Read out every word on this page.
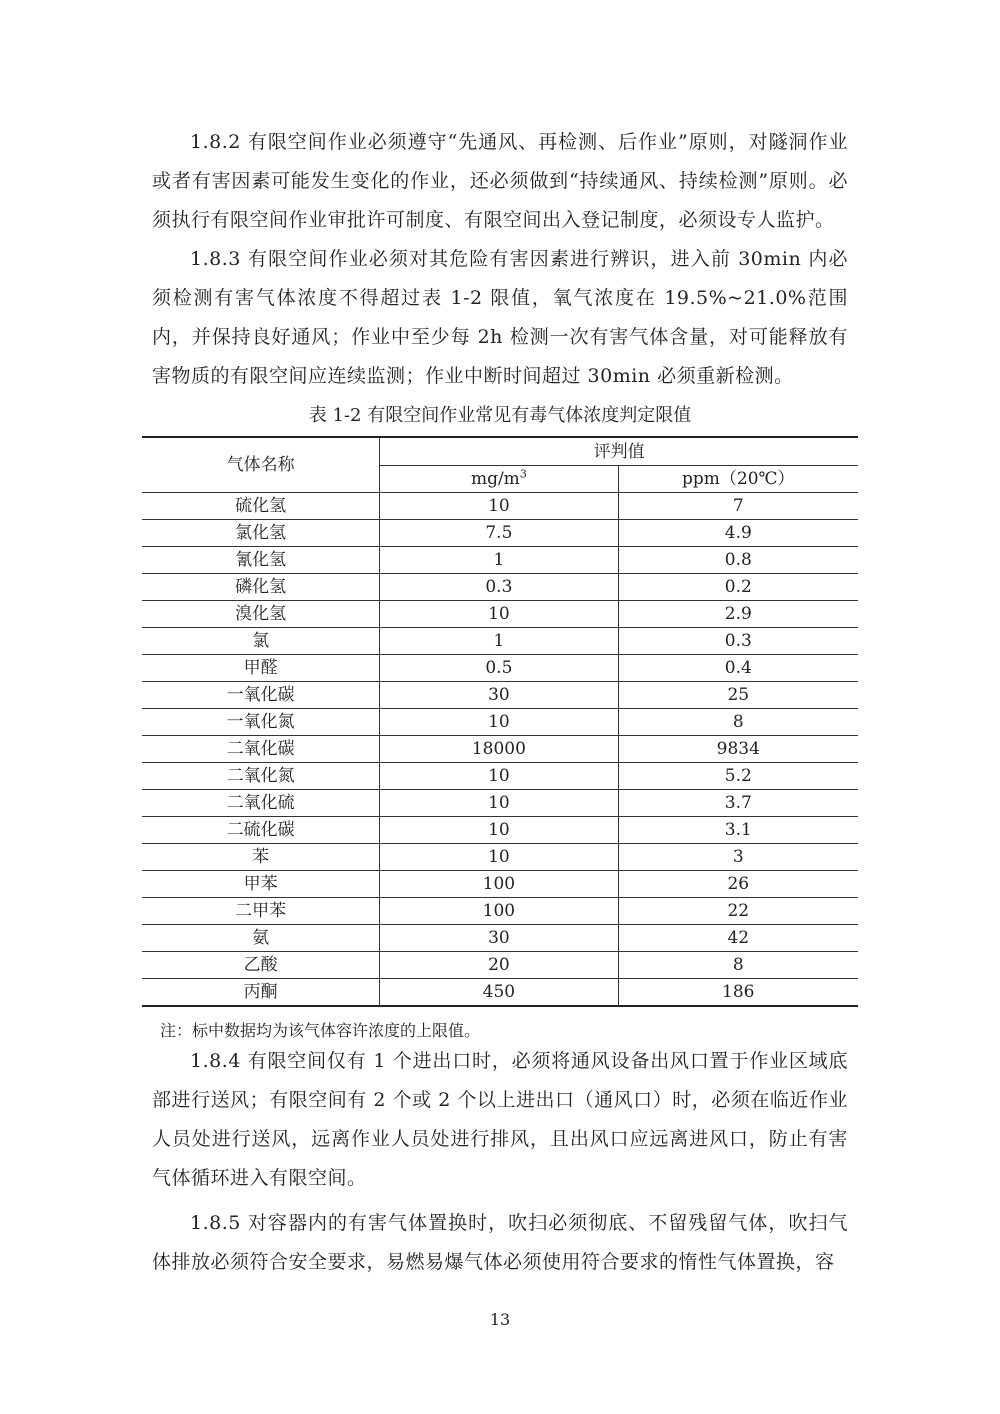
1.8.2 有限空间作业必须遵守“先通风、再检测、后作业”原则，对隧洞作业或者有害因素可能发生变化的作业，还必须做到“持续通风、持续检测”原则。必须执行有限空间作业审批许可制度、有限空间出入登记制度，必须设专人监护。

1.8.3 有限空间作业必须对其危险有害因素进行辨识，进入前 30min 内必须检测有害气体浓度不得超过表 1-2 限值，氧气浓度在 19.5%~21.0%范围内，并保持良好通风；作业中至少每 2h 检测一次有害气体含量，对可能释放有害物质的有限空间应连续监测；作业中断时间超过 30min 必须重新检测。

表 1-2 有限空间作业常见有毒气体浓度判定限值

气体名称	评判值	
	$mg/m^3$	ppm（20℃）
硫化氢	10	7
氯化氢	7.5	4.9
氰化氢	1	0.8
磷化氢	0.3	0.2
溴化氢	10	2.9
氯	1	0.3
甲醛	0.5	0.4
一氧化碳	30	25
一氧化氮	10	8
二氧化碳	18000	9834
二氧化氮	10	5.2
二氧化硫	10	3.7
二硫化碳	10	3.1
苯	10	3
甲苯	100	26
二甲苯	100	22
氨	30	42
乙酸	20	8
丙酮	450	186

注：标中数据均为该气体容许浓度的上限值。

1.8.4 有限空间仅有 1 个进出口时，必须将通风设备出风口置于作业区域底部进行送风；有限空间有 2 个或 2 个以上进出口（通风口）时，必须在临近作业人员处进行送风，远离作业人员处进行排风，且出风口应远离进风口，防止有害气体循环进入有限空间。

1.8.5 对容器内的有害气体置换时，吹扫必须彻底、不留残留气体，吹扫气体排放必须符合安全要求，易燃易爆气体必须使用符合要求的惰性气体置换，容

13
